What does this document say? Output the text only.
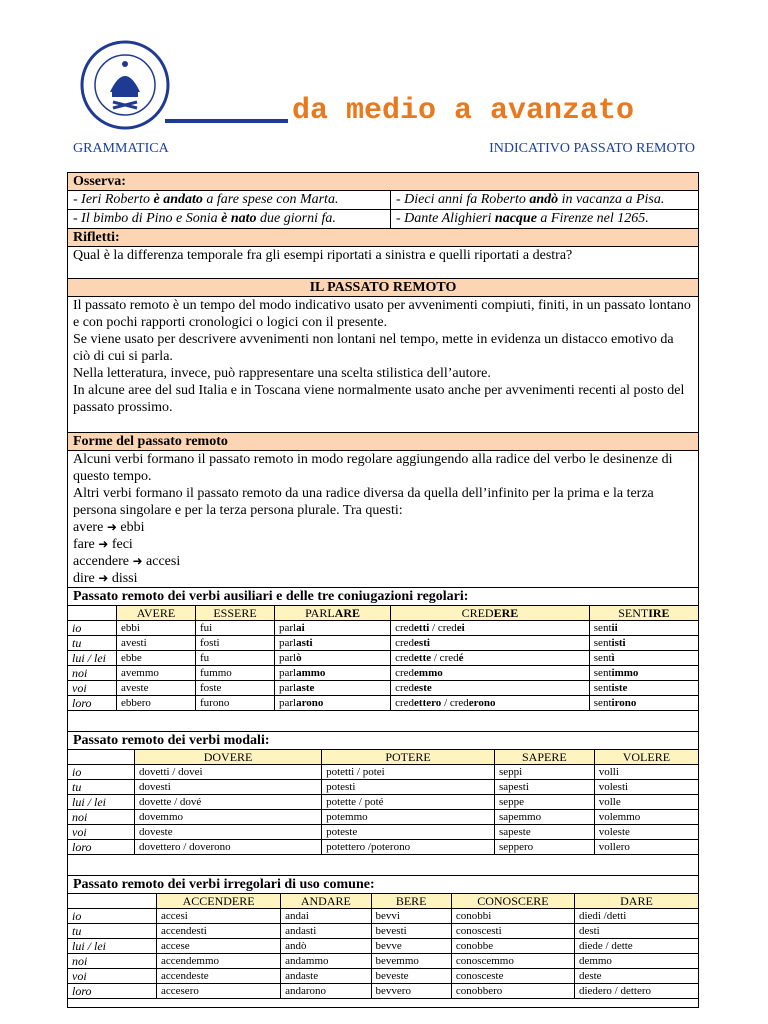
da medio a avanzato
GRAMMATICA	INDICATIVO PASSATO REMOTO
Osserva:
- Ieri Roberto è andato a fare spese con Marta.	- Dieci anni fa Roberto andò in vacanza a Pisa.
- Il bimbo di Pino e Sonia è nato due giorni fa.	- Dante Alighieri nacque a Firenze nel 1265.
Rifletti:

Qual è la differenza temporale fra gli esempi riportati a sinistra e quelli riportati a destra?

IL PASSATO REMOTO

Il passato remoto è un tempo del modo indicativo usato per avvenimenti compiuti, finiti, in un passato lontano e con pochi rapporti cronologici o logici con il presente.

Se viene usato per descrivere avvenimenti non lontani nel tempo, mette in evidenza un distacco emotivo da ciò di cui si parla.

Nella letteratura, invece, può rappresentare una scelta stilistica dell’autore.

In alcune aree del sud Italia e in Toscana viene normalmente usato anche per avvenimenti recenti al posto del passato prossimo.

Forme del passato remoto

Alcuni verbi formano il passato remoto in modo regolare aggiungendo alla radice del verbo le desinenze di questo tempo.

Altri verbi formano il passato remoto da una radice diversa da quella dell’infinito per la prima e la terza persona singolare e per la terza persona plurale. Tra questi:

avere ➜ ebbi

fare ➜ feci

accendere ➜ accesi

dire ➜ dissi

Passato remoto dei verbi ausiliari e delle tre coniugazioni regolari:
	AVERE	ESSERE	PARLARE	CREDERE	SENTIRE
io	ebbi	fui	parlai	credetti / credei	sentii
tu	avesti	fosti	parlasti	credesti	sentisti
lui / lei	ebbe	fu	parlò	credette / credé	sentì
noi	avemmo	fummo	parlammo	credemmo	sentimmo
voi	aveste	foste	parlaste	credeste	sentiste
loro	ebbero	furono	parlarono	credettero / crederono	sentirono
Passato remoto dei verbi modali:
	DOVERE	POTERE	SAPERE	VOLERE
io	dovetti / dovei	potetti / potei	seppi	volli
tu	dovesti	potesti	sapesti	volesti
lui / lei	dovette / dové	potette / poté	seppe	volle
noi	dovemmo	potemmo	sapemmo	volemmo
voi	doveste	poteste	sapeste	voleste
loro	dovettero / doverono	potettero /poterono	seppero	vollero
Passato remoto dei verbi irregolari di uso comune:
	ACCENDERE	ANDARE	BERE	CONOSCERE	DARE
io	accesi	andai	bevvi	conobbi	diedi /detti
tu	accendesti	andasti	bevesti	conoscesti	desti
lui / lei	accese	andò	bevve	conobbe	diede / dette
noi	accendemmo	andammo	bevemmo	conoscemmo	demmo
voi	accendeste	andaste	beveste	conosceste	deste
loro	accesero	andarono	bevvero	conobbero	diedero / dettero
